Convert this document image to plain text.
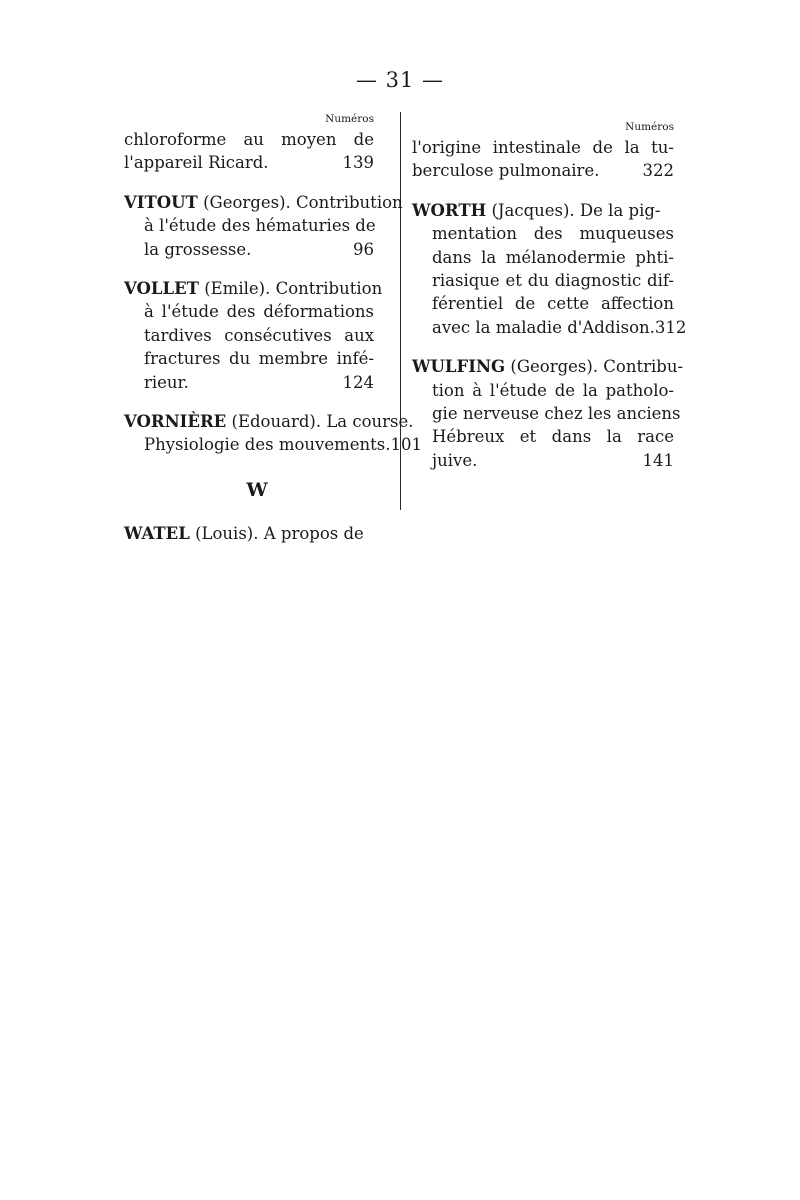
— 31 —
Numéros
chloroforme au moyen de
l'appareil Ricard.	139
VITOUT (Georges). Contribution
à l'étude des hématuries de
la grossesse.	96
VOLLET (Emile). Contribution
à l'étude des déformations
tardives consécutives aux
fractures du membre infé-
rieur.	124
VORNIÈRE (Edouard). La course.
Physiologie des mouvements. 101
W
WATEL (Louis). A propos de
Numéros
l'origine intestinale de la tu-
berculose pulmonaire.	322
WORTH (Jacques). De la pig-
mentation des muqueuses
dans la mélanodermie phti-
riasique et du diagnostic dif-
férentiel de cette affection
avec la maladie d'Addison. 312
WULFING (Georges). Contribu-
tion à l'étude de la patholo-
gie nerveuse chez les anciens
Hébreux et dans la race
juive.	141
